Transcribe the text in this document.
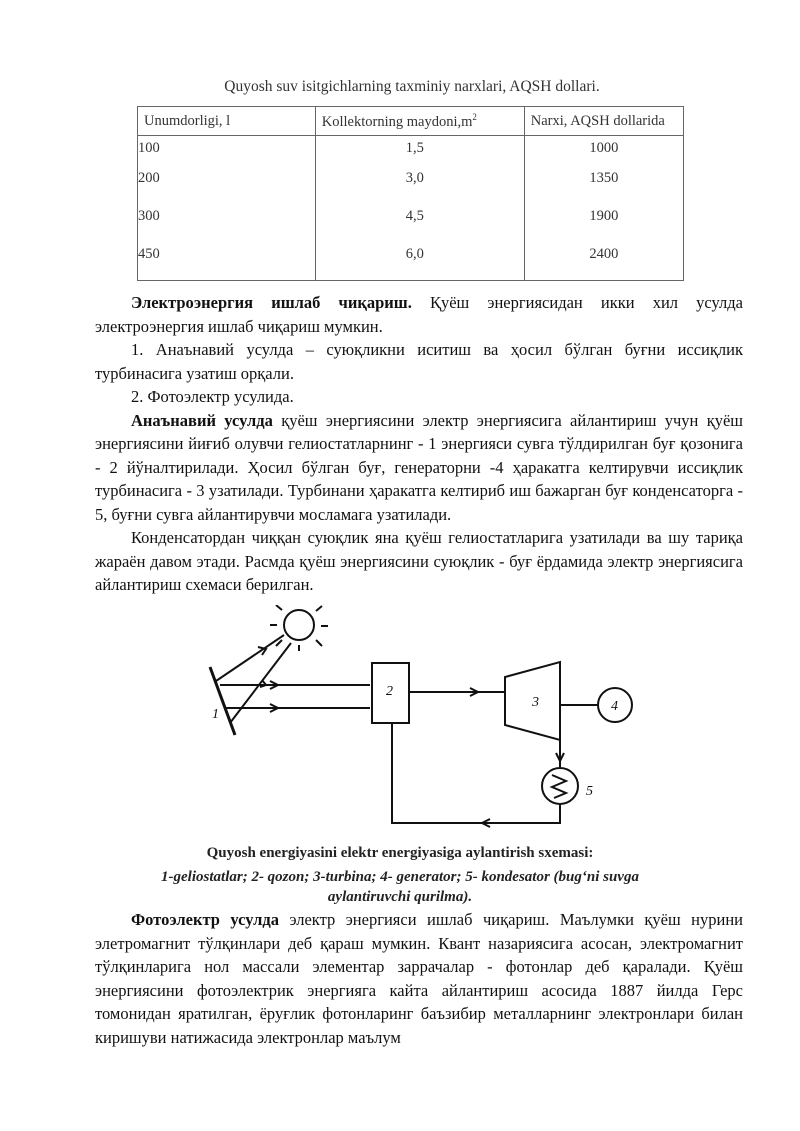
Quyosh suv isitgichlarning taxminiy narxlari, AQSH dollari.
Unumdorligi, l	Kollektorning $maydoni,m^2$	Narxi, AQSH dollarida
100	1,5	1000
200	3,0	1350
300	4,5	1900
450	6,0	2400

Электроэнергия ишлаб чиқариш. Қуёш энергиясидан икки хил усулда электроэнергия ишлаб чиқариш мумкин.

1. Анаънавий усулда – суюқликни иситиш ва ҳосил бўлган буғни иссиқлик турбинасига узатиш орқали.

2. Фотоэлектр усулида.

Анаънавий усулда қуёш энергиясини электр энергиясига айлантириш учун қуёш энергиясини йиғиб олувчи гелиостатларнинг - 1 энергияси сувга тўлдирилган буғ қозонига - 2 йўналтирилади. Ҳосил бўлган буғ, генераторни -4 ҳаракатга келтирувчи иссиқлик турбинасига - 3 узатилади. Турбинани ҳаракатга келтириб иш бажарган буғ конденсаторга - 5, буғни сувга айлантирувчи мосламага узатилади.

Конденсатордан чиққан суюқлик яна қуёш гелиостатларига узатилади ва шу тариқа жараён давом этади. Расмда қуёш энергиясини суюқлик - буғ ёрдамида электр энергиясига айлантириш схемаси берилган.

1
2
3	4
5
Quyosh energiyasini elektr energiyasiga aylantirish sxemasi:
1-geliostatlar; 2- qozon; 3-turbina; 4- generator; 5- kondesator (bug‘ni suvga aylantiruvchi qurilma).

Фотоэлектр усулда электр энергияси ишлаб чиқариш. Маълумки қуёш нурини элетромагнит тўлқинлари деб қараш мумкин. Квант назариясига асосан, электромагнит тўлқинларига нол массали элементар заррачалар - фотонлар деб қаралади. Қуёш энергиясини фотоэлектрик энергияга кайта айлантириш асосида 1887 йилда Герс томонидан яратилган, ёруғлик фотонларинг баъзибир металларнинг электронлари билан киришуви натижасида электронлар маълум
